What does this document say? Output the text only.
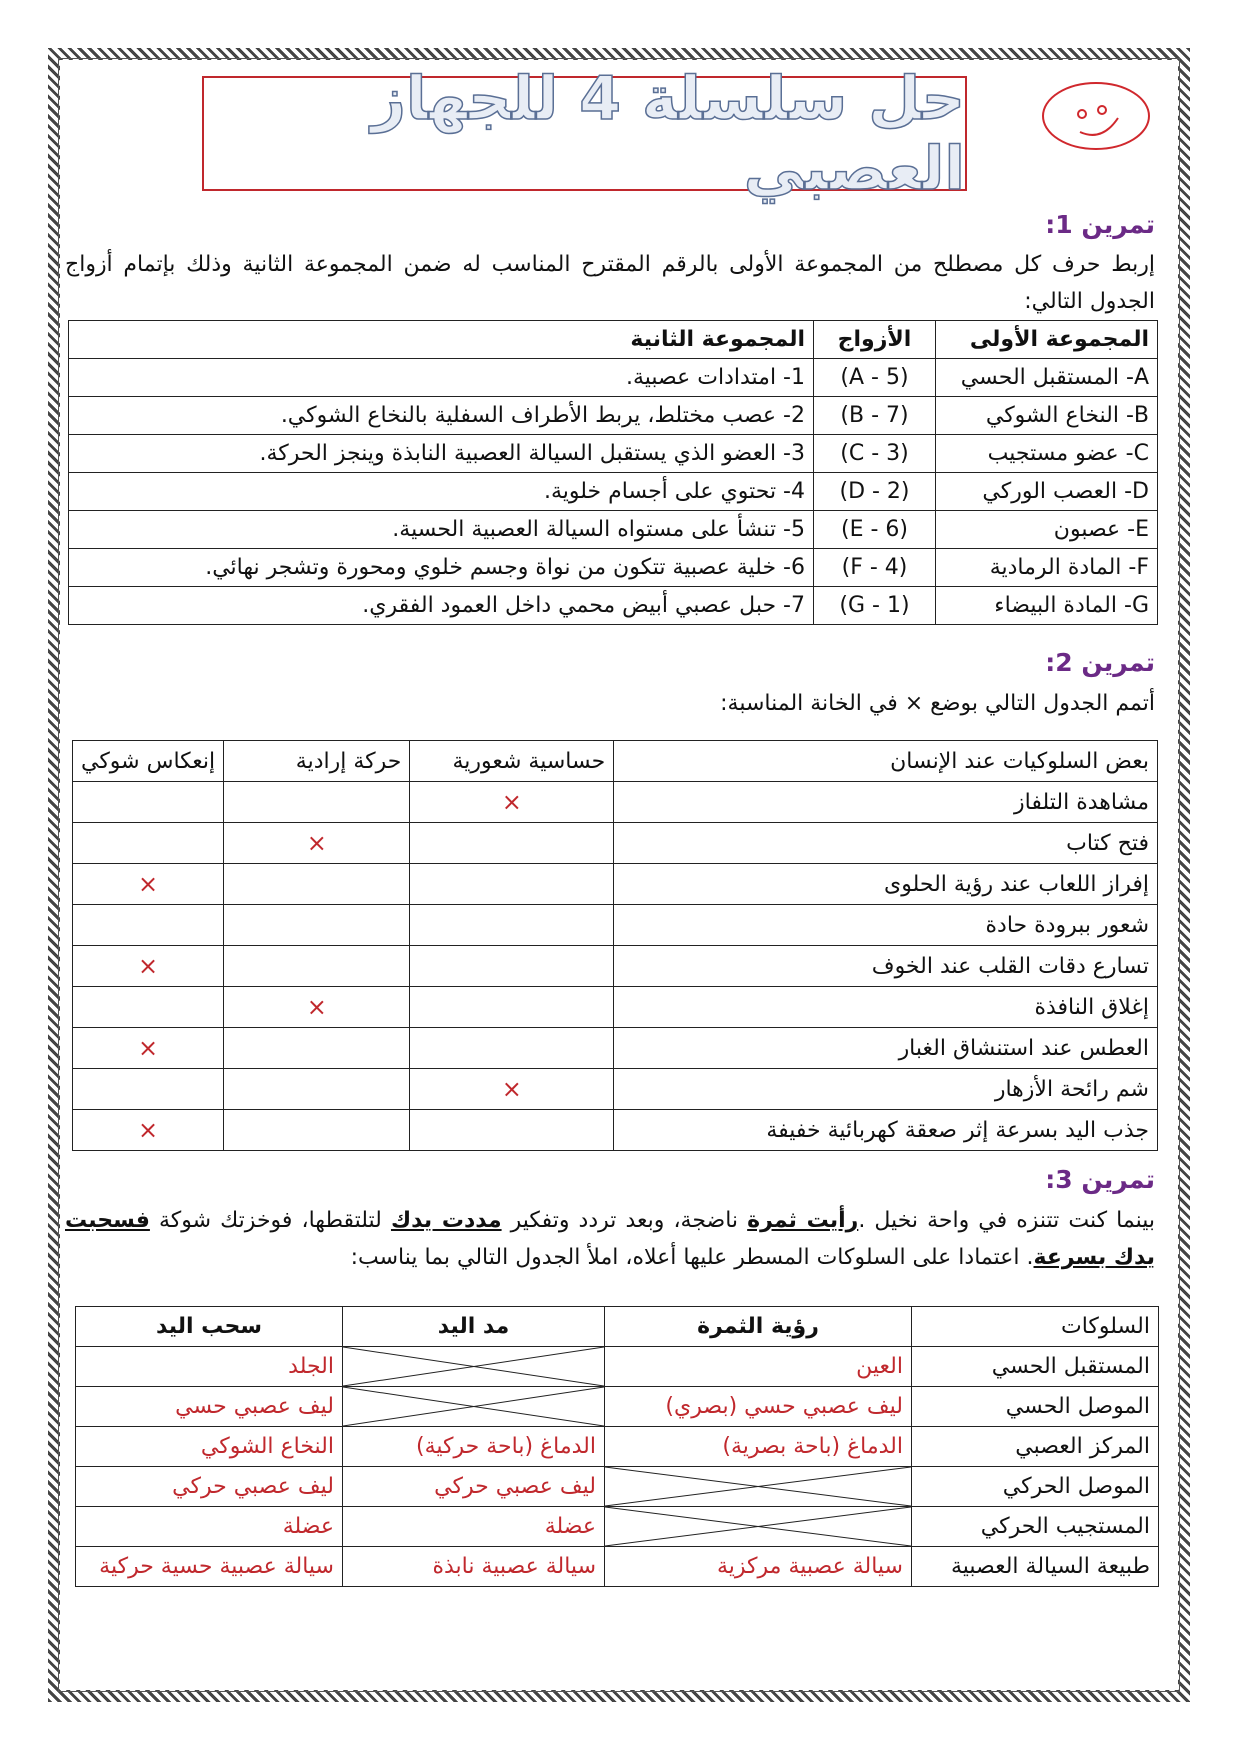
حل سلسلة 4 للجهاز العصبي
تمرين 1:
إربط حرف كل مصطلح من المجموعة الأولى بالرقم المقترح المناسب له ضمن المجموعة الثانية وذلك بإتمام أزواج الجدول التالي:
المجموعة الأولى	الأزواج	المجموعة الثانية
A- المستقبل الحسي	(A - 5)	1- امتدادات عصبية.
B- النخاع الشوكي	(B - 7)	2- عصب مختلط، يربط الأطراف السفلية بالنخاع الشوكي.
C- عضو مستجيب	(C - 3)	3- العضو الذي يستقبل السيالة العصبية النابذة وينجز الحركة.
D- العصب الوركي	(D - 2)	4- تحتوي على أجسام خلوية.
E- عصبون	(E - 6)	5- تنشأ على مستواه السيالة العصبية الحسية.
F- المادة الرمادية	(F - 4)	6- خلية عصبية تتكون من نواة وجسم خلوي ومحورة وتشجر نهائي.
G- المادة البيضاء	(G - 1)	7- حبل عصبي أبيض محمي داخل العمود الفقري.
تمرين 2:
أتمم الجدول التالي بوضع × في الخانة المناسبة:
بعض السلوكيات عند الإنسان	حساسية شعورية	حركة إرادية	إنعكاس شوكي
مشاهدة التلفاز	×		
فتح كتاب		×	
إفراز اللعاب عند رؤية الحلوى			×
شعور ببرودة حادة			
تسارع دقات القلب عند الخوف			×
إغلاق النافذة		×	
العطس عند استنشاق الغبار			×
شم رائحة الأزهار	×		
جذب اليد بسرعة إثر صعقة كهربائية خفيفة			×
تمرين 3:
بينما كنت تتنزه في واحة نخيل .رأيت ثمرة ناضجة، وبعد تردد وتفكير مددت يدك لتلتقطها، فوخزتك شوكة فسحبت يدك بسرعة. اعتمادا على السلوكات المسطر عليها أعلاه، املأ الجدول التالي بما يناسب:
السلوكات	رؤية الثمرة	مد اليد	سحب اليد
المستقبل الحسي	العين		الجلد
الموصل الحسي	ليف عصبي حسي (بصري)		ليف عصبي حسي
المركز العصبي	الدماغ (باحة بصرية)	الدماغ (باحة حركية)	النخاع الشوكي
الموصل الحركي		ليف عصبي حركي	ليف عصبي حركي
المستجيب الحركي		عضلة	عضلة
طبيعة السيالة العصبية	سيالة عصبية مركزية	سيالة عصبية نابذة	سيالة عصبية حسية حركية
